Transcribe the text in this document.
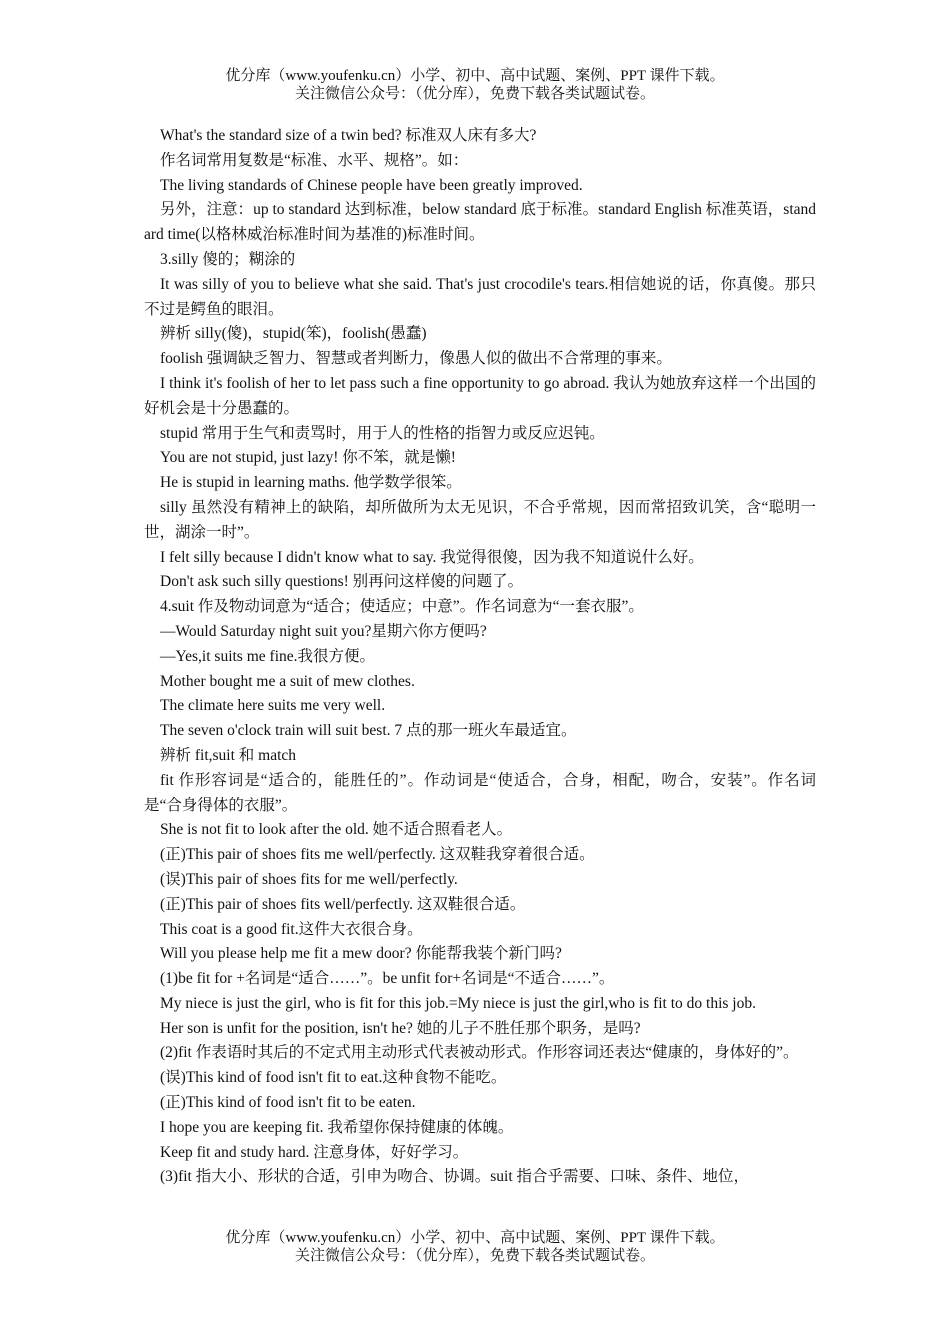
优分库（www.youfenku.cn）小学、初中、高中试题、案例、PPT 课件下载。
关注微信公众号：（优分库），免费下载各类试题试卷。

What's the standard size of a twin bed? 标准双人床有多大?

作名词常用复数是“标准、水平、规格”。如：

The living standards of Chinese people have been greatly improved.

另外，注意：up to standard 达到标准，below standard 底于标准。standard English 标准英语，standard time(以格林威治标准时间为基准的)标准时间。

3.silly 傻的；糊涂的

It was silly of you to believe what she said. That's just crocodile's tears.相信她说的话，你真傻。那只不过是鳄鱼的眼泪。

辨析 silly(傻)，stupid(笨)，foolish(愚蠢)

foolish 强调缺乏智力、智慧或者判断力，像愚人似的做出不合常理的事来。

I think it's foolish of her to let pass such a fine opportunity to go abroad. 我认为她放弃这样一个出国的好机会是十分愚蠢的。

stupid 常用于生气和责骂时，用于人的性格的指智力或反应迟钝。

You are not stupid, just lazy! 你不笨，就是懒!

He is stupid in learning maths. 他学数学很笨。

silly 虽然没有精神上的缺陷，却所做所为太无见识，不合乎常规，因而常招致讥笑，含“聪明一世，湖涂一时”。

I felt silly because I didn't know what to say. 我觉得很傻，因为我不知道说什么好。

Don't ask such silly questions! 别再问这样傻的问题了。

4.suit 作及物动词意为“适合；使适应；中意”。作名词意为“一套衣服”。

—Would Saturday night suit you?星期六你方便吗?

—Yes,it suits me fine.我很方便。

Mother bought me a suit of mew clothes.

The climate here suits me very well.

The seven o'clock train will suit best. 7 点的那一班火车最适宜。

辨析 fit,suit 和 match

fit 作形容词是“适合的，能胜任的”。作动词是“使适合，合身，相配，吻合，安装”。作名词是“合身得体的衣服”。

She is not fit to look after the old. 她不适合照看老人。

(正)This pair of shoes fits me well/perfectly. 这双鞋我穿着很合适。

(误)This pair of shoes fits for me well/perfectly.

(正)This pair of shoes fits well/perfectly. 这双鞋很合适。

This coat is a good fit.这件大衣很合身。

Will you please help me fit a mew door? 你能帮我装个新门吗?

(1)be fit for +名词是“适合……”。be unfit for+名词是“不适合……”。

My niece is just the girl, who is fit for this job.=My niece is just the girl,who is fit to do this job.

Her son is unfit for the position, isn't he? 她的儿子不胜任那个职务，是吗?

(2)fit 作表语时其后的不定式用主动形式代表被动形式。作形容词还表达“健康的，身体好的”。

(误)This kind of food isn't fit to eat.这种食物不能吃。

(正)This kind of food isn't fit to be eaten.

I hope you are keeping fit. 我希望你保持健康的体魄。

Keep fit and study hard. 注意身体，好好学习。

(3)fit 指大小、形状的合适，引申为吻合、协调。suit 指合乎需要、口味、条件、地位，

优分库（www.youfenku.cn）小学、初中、高中试题、案例、PPT 课件下载。
关注微信公众号：（优分库），免费下载各类试题试卷。
